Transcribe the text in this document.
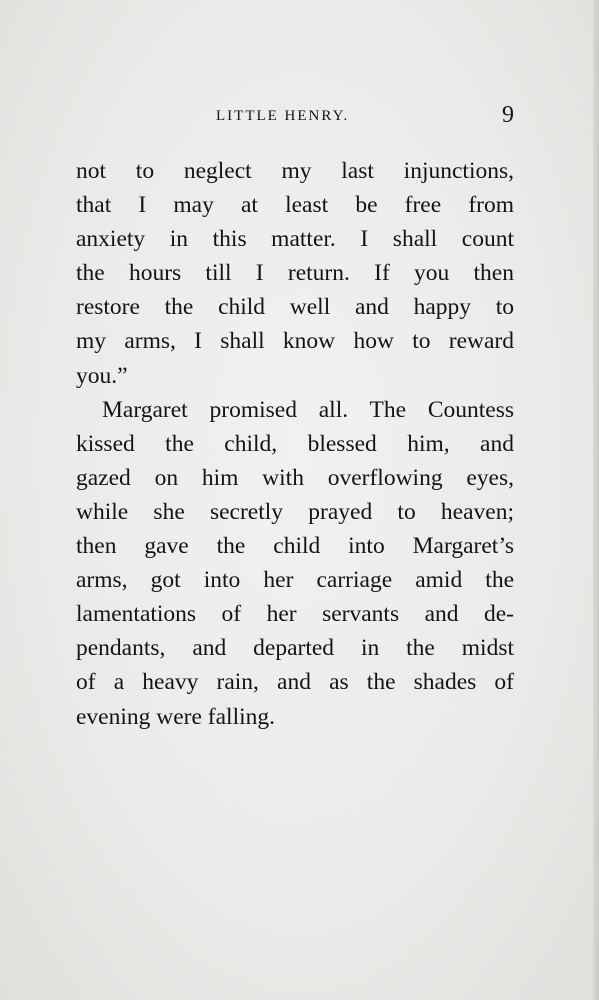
LITTLE HENRY.	9
not to neglect my last injunctions,
that I may at least be free from
anxiety in this matter. I shall count
the hours till I return. If you then
restore the child well and happy to
my arms, I shall know how to reward
you.”
Margaret promised all. The Countess
kissed the child, blessed him, and
gazed on him with overflowing eyes,
while she secretly prayed to heaven;
then gave the child into Margaret’s
arms, got into her carriage amid the
lamentations of her servants and de-
pendants, and departed in the midst
of a heavy rain, and as the shades of
evening were falling.
